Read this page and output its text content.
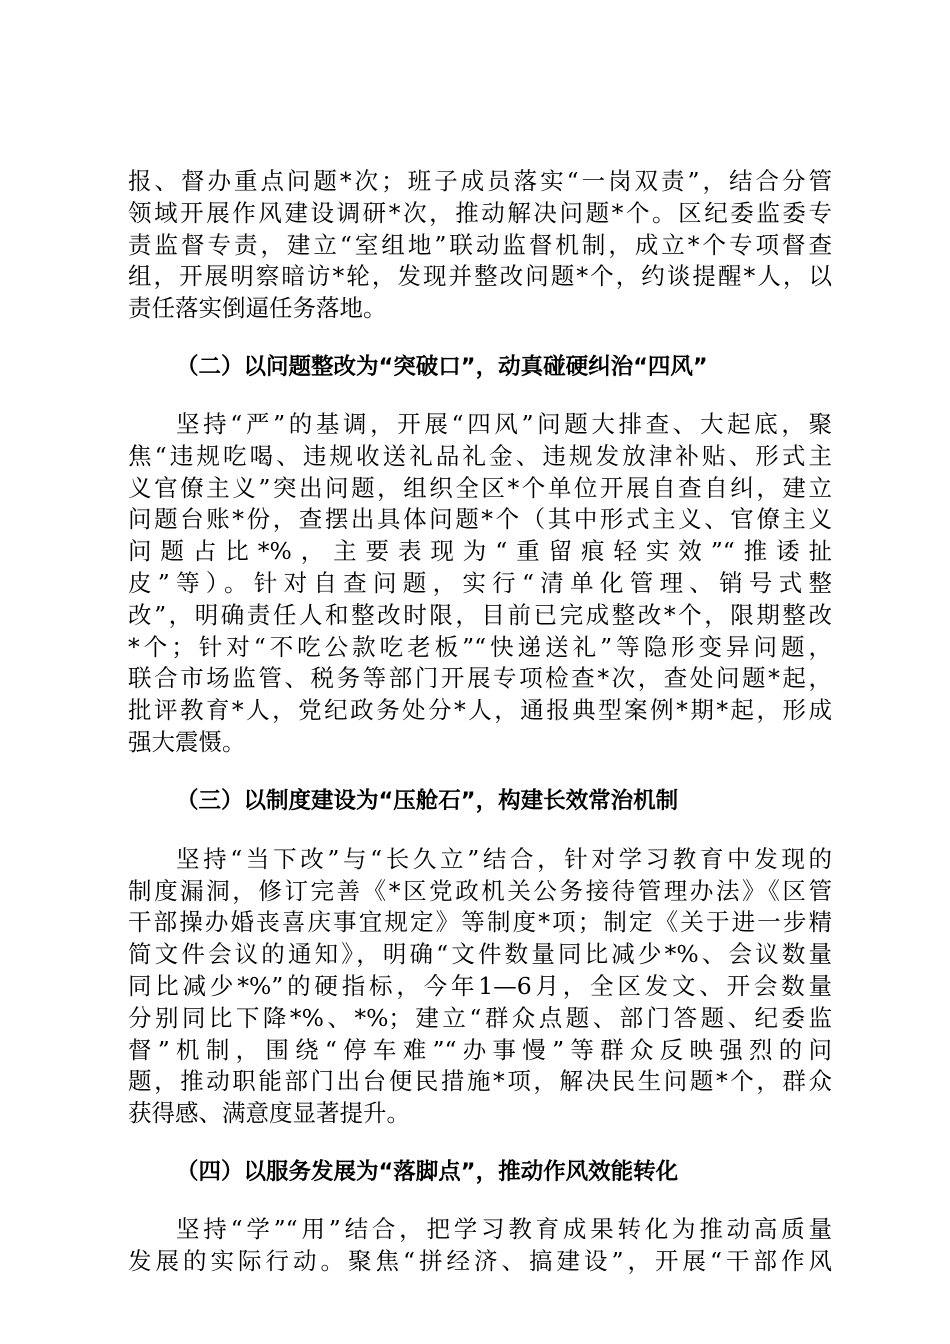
报、督办重点问题*次；班子成员落实“一岗双责”，结合分管
领域开展作风建设调研*次，推动解决问题*个。区纪委监委专
责监督专责，建立“室组地”联动监督机制，成立*个专项督查
组，开展明察暗访*轮，发现并整改问题*个，约谈提醒*人，以
责任落实倒逼任务落地。
（二）以问题整改为“突破口”，动真碰硬纠治“四风”
坚持“严”的基调，开展“四风”问题大排查、大起底，聚
焦“违规吃喝、违规收送礼品礼金、违规发放津补贴、形式主
义官僚主义”突出问题，组织全区*个单位开展自查自纠，建立
问题台账*份，查摆出具体问题*个（其中形式主义、官僚主义
问题占比*%，主要表现为“重留痕轻实效”“推诿扯
皮”等）。针对自查问题，实行“清单化管理、销号式整
改”，明确责任人和整改时限，目前已完成整改*个，限期整改
*个；针对“不吃公款吃老板”“快递送礼”等隐形变异问题，
联合市场监管、税务等部门开展专项检查*次，查处问题*起，
批评教育*人，党纪政务处分*人，通报典型案例*期*起，形成
强大震慑。
（三）以制度建设为“压舱石”，构建长效常治机制
坚持“当下改”与“长久立”结合，针对学习教育中发现的
制度漏洞，修订完善《*区党政机关公务接待管理办法》《区管
干部操办婚丧喜庆事宜规定》等制度*项；制定《关于进一步精
简文件会议的通知》，明确“文件数量同比减少*%、会议数量
同比减少*%”的硬指标，今年1—6月，全区发文、开会数量
分别同比下降*%、*%；建立“群众点题、部门答题、纪委监
督”机制，围绕“停车难”“办事慢”等群众反映强烈的问
题，推动职能部门出台便民措施*项，解决民生问题*个，群众
获得感、满意度显著提升。
（四）以服务发展为“落脚点”，推动作风效能转化
坚持“学”“用”结合，把学习教育成果转化为推动高质量
发展的实际行动。聚焦“拼经济、搞建设”，开展“干部作风
